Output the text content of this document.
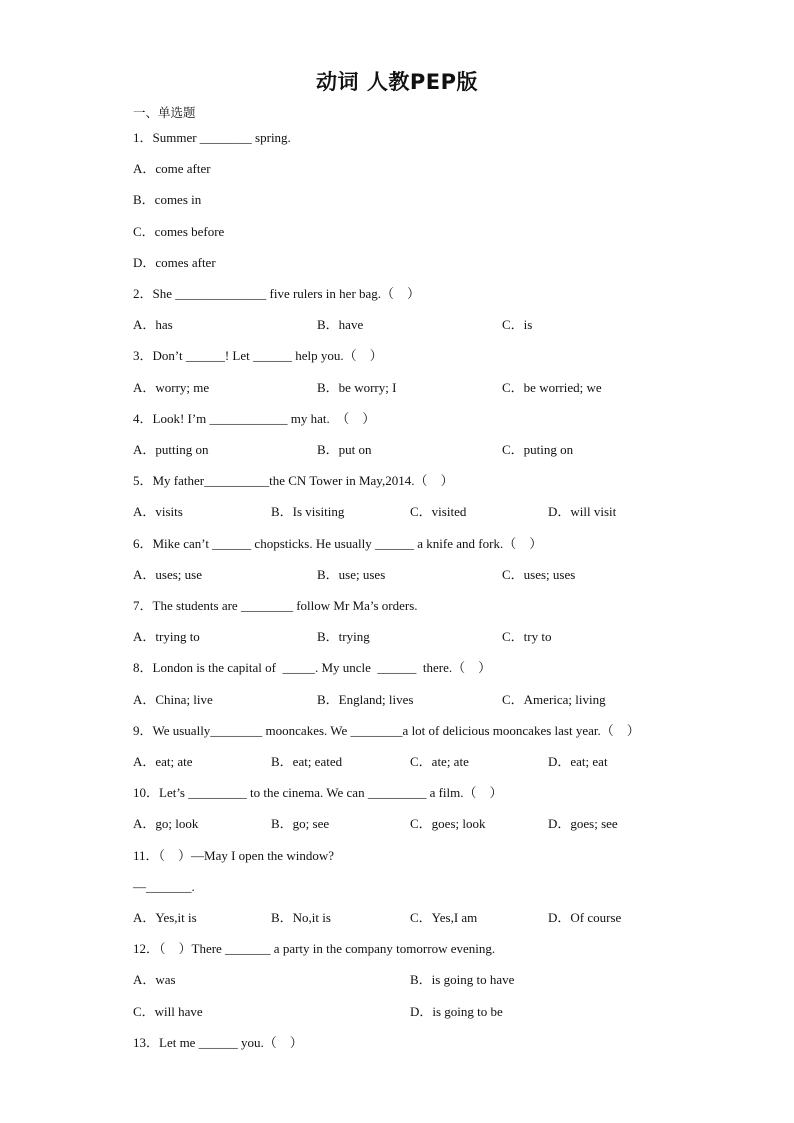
动词 人教PEP版
一、单选题
1．Summer ________ spring.
A．come after
B．comes in
C．comes before
D．comes after
2．She ______________ five rulers in her bag.（　）
A．has	B．have	C．is
3．Don’t ______! Let ______ help you.（　）
A．worry; me	B．be worry; I	C．be worried; we
4．Look! I’m ____________ my hat.　（　）
A．putting on	B．put on	C．puting on
5．My father__________the CN Tower in May,2014.（　）
A．visits	B．Is visiting	C．visited	D．will visit
6．Mike can’t ______ chopsticks. He usually ______ a knife and fork.（　）
A．uses; use	B．use; uses	C．uses; uses
7．The students are ________ follow Mr Ma’s orders.
A．trying to	B．trying	C．try to
8．London is the capital of  _____. My uncle  ______  there.（　）
A．China; live	B．England; lives	C．America; living
9．We usually________ mooncakes. We ________a lot of delicious mooncakes last year.（　）
A．eat; ate	B．eat; eated	C．ate; ate	D．eat; eat
10．Let’s _________ to the cinema. We can _________ a film.（　）
A．go; look	B．go; see	C．goes; look	D．goes; see
11．（　）—May I open the window?
—_______.
A．Yes,it is	B．No,it is	C．Yes,I am	D．Of course
12．（　）There _______ a party in the company tomorrow evening.
A．was	B．is going to have
C．will have	D．is going to be
13．Let me ______ you.（　）
